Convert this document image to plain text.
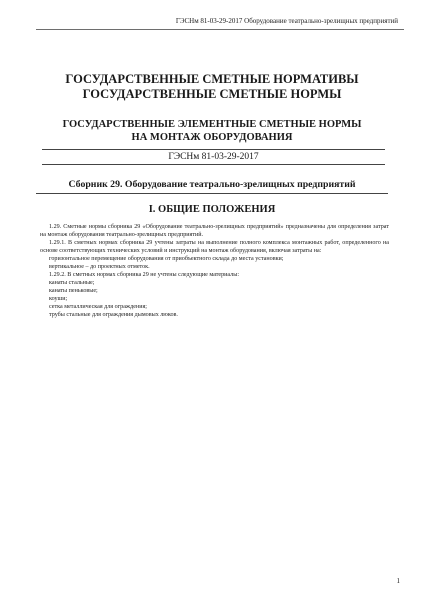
ГЭСНм 81-03-29-2017 Оборудование театрально-зрелищных предприятий
ГОСУДАРСТВЕННЫЕ СМЕТНЫЕ НОРМАТИВЫ
ГОСУДАРСТВЕННЫЕ СМЕТНЫЕ НОРМЫ
ГОСУДАРСТВЕННЫЕ ЭЛЕМЕНТНЫЕ СМЕТНЫЕ НОРМЫ
НА МОНТАЖ ОБОРУДОВАНИЯ
ГЭСНм 81-03-29-2017
Сборник 29. Оборудование театрально-зрелищных предприятий
I. ОБЩИЕ ПОЛОЖЕНИЯ

1.29. Сметные нормы сборника 29 «Оборудование театрально-зрелищных предприятий» предназначены для определения затрат на монтаж оборудования театрально-зрелищных предприятий.

1.29.1. В сметных нормах сборника 29 учтены затраты на выполнение полного комплекса монтажных работ, определенного на основе соответствующих технических условий и инструкций на монтаж оборудования, включая затраты на:

горизонтальное перемещение оборудования от приобъектного склада до места установки;

вертикальное – до проектных отметок.

1.29.2. В сметных нормах сборника 29 не учтены следующие материалы:

канаты стальные;

канаты пеньковые;

коуши;

сетка металлическая для ограждения;

трубы стальные для ограждения дымовых люков.

1
